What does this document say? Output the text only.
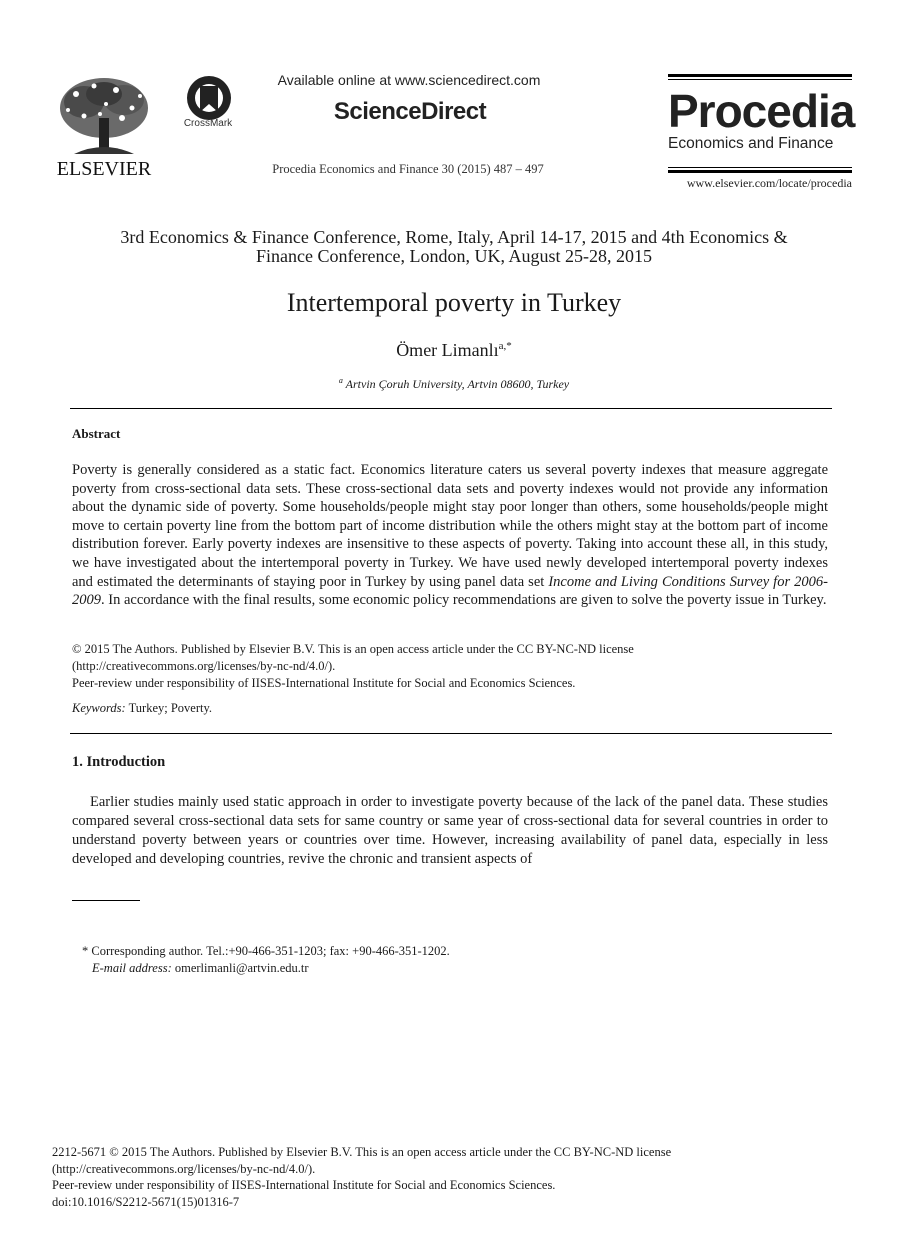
ELSEVIER
CrossMark
Available online at www.sciencedirect.com
ScienceDirect
Procedia Economics and Finance 30 (2015) 487 – 497
Procedia
Economics and Finance
www.elsevier.com/locate/procedia
3rd Economics & Finance Conference, Rome, Italy, April 14-17, 2015 and 4th Economics &
Finance Conference, London, UK, August 25-28, 2015
Intertemporal poverty in Turkey
Ömer Limanlı$^{a,*}$
$^a$ Artvin Çoruh University, Artvin 08600, Turkey
Abstract
Poverty is generally considered as a static fact. Economics literature caters us several poverty indexes that measure aggregate poverty from cross-sectional data sets. These cross-sectional data sets and poverty indexes would not provide any information about the dynamic side of poverty. Some households/people might stay poor longer than others, some households/people might move to certain poverty line from the bottom part of income distribution while the others might stay at the bottom part of income distribution forever. Early poverty indexes are insensitive to these aspects of poverty. Taking into account these all, in this study, we have investigated about the intertemporal poverty in Turkey. We have used newly developed intertemporal poverty indexes and estimated the determinants of staying poor in Turkey by using panel data set Income and Living Conditions Survey for 2006-2009. In accordance with the final results, some economic policy recommendations are given to solve the poverty issue in Turkey.
© 2015 The Authors. Published by Elsevier B.V. This is an open access article under the CC BY-NC-ND license
(http://creativecommons.org/licenses/by-nc-nd/4.0/).
Peer-review under responsibility of IISES-International Institute for Social and Economics Sciences.
Keywords: Turkey; Poverty.
1. Introduction
Earlier studies mainly used static approach in order to investigate poverty because of the lack of the panel data. These studies compared several cross-sectional data sets for same country or same year of cross-sectional data for several countries in order to understand poverty between years or countries over time. However, increasing availability of panel data, especially in less developed and developing countries, revive the chronic and transient aspects of
* Corresponding author. Tel.:+90-466-351-1203; fax: +90-466-351-1202.
E-mail address: omerlimanli@artvin.edu.tr
2212-5671 © 2015 The Authors. Published by Elsevier B.V. This is an open access article under the CC BY-NC-ND license
(http://creativecommons.org/licenses/by-nc-nd/4.0/).
Peer-review under responsibility of IISES-International Institute for Social and Economics Sciences.
doi:10.1016/S2212-5671(15)01316-7
